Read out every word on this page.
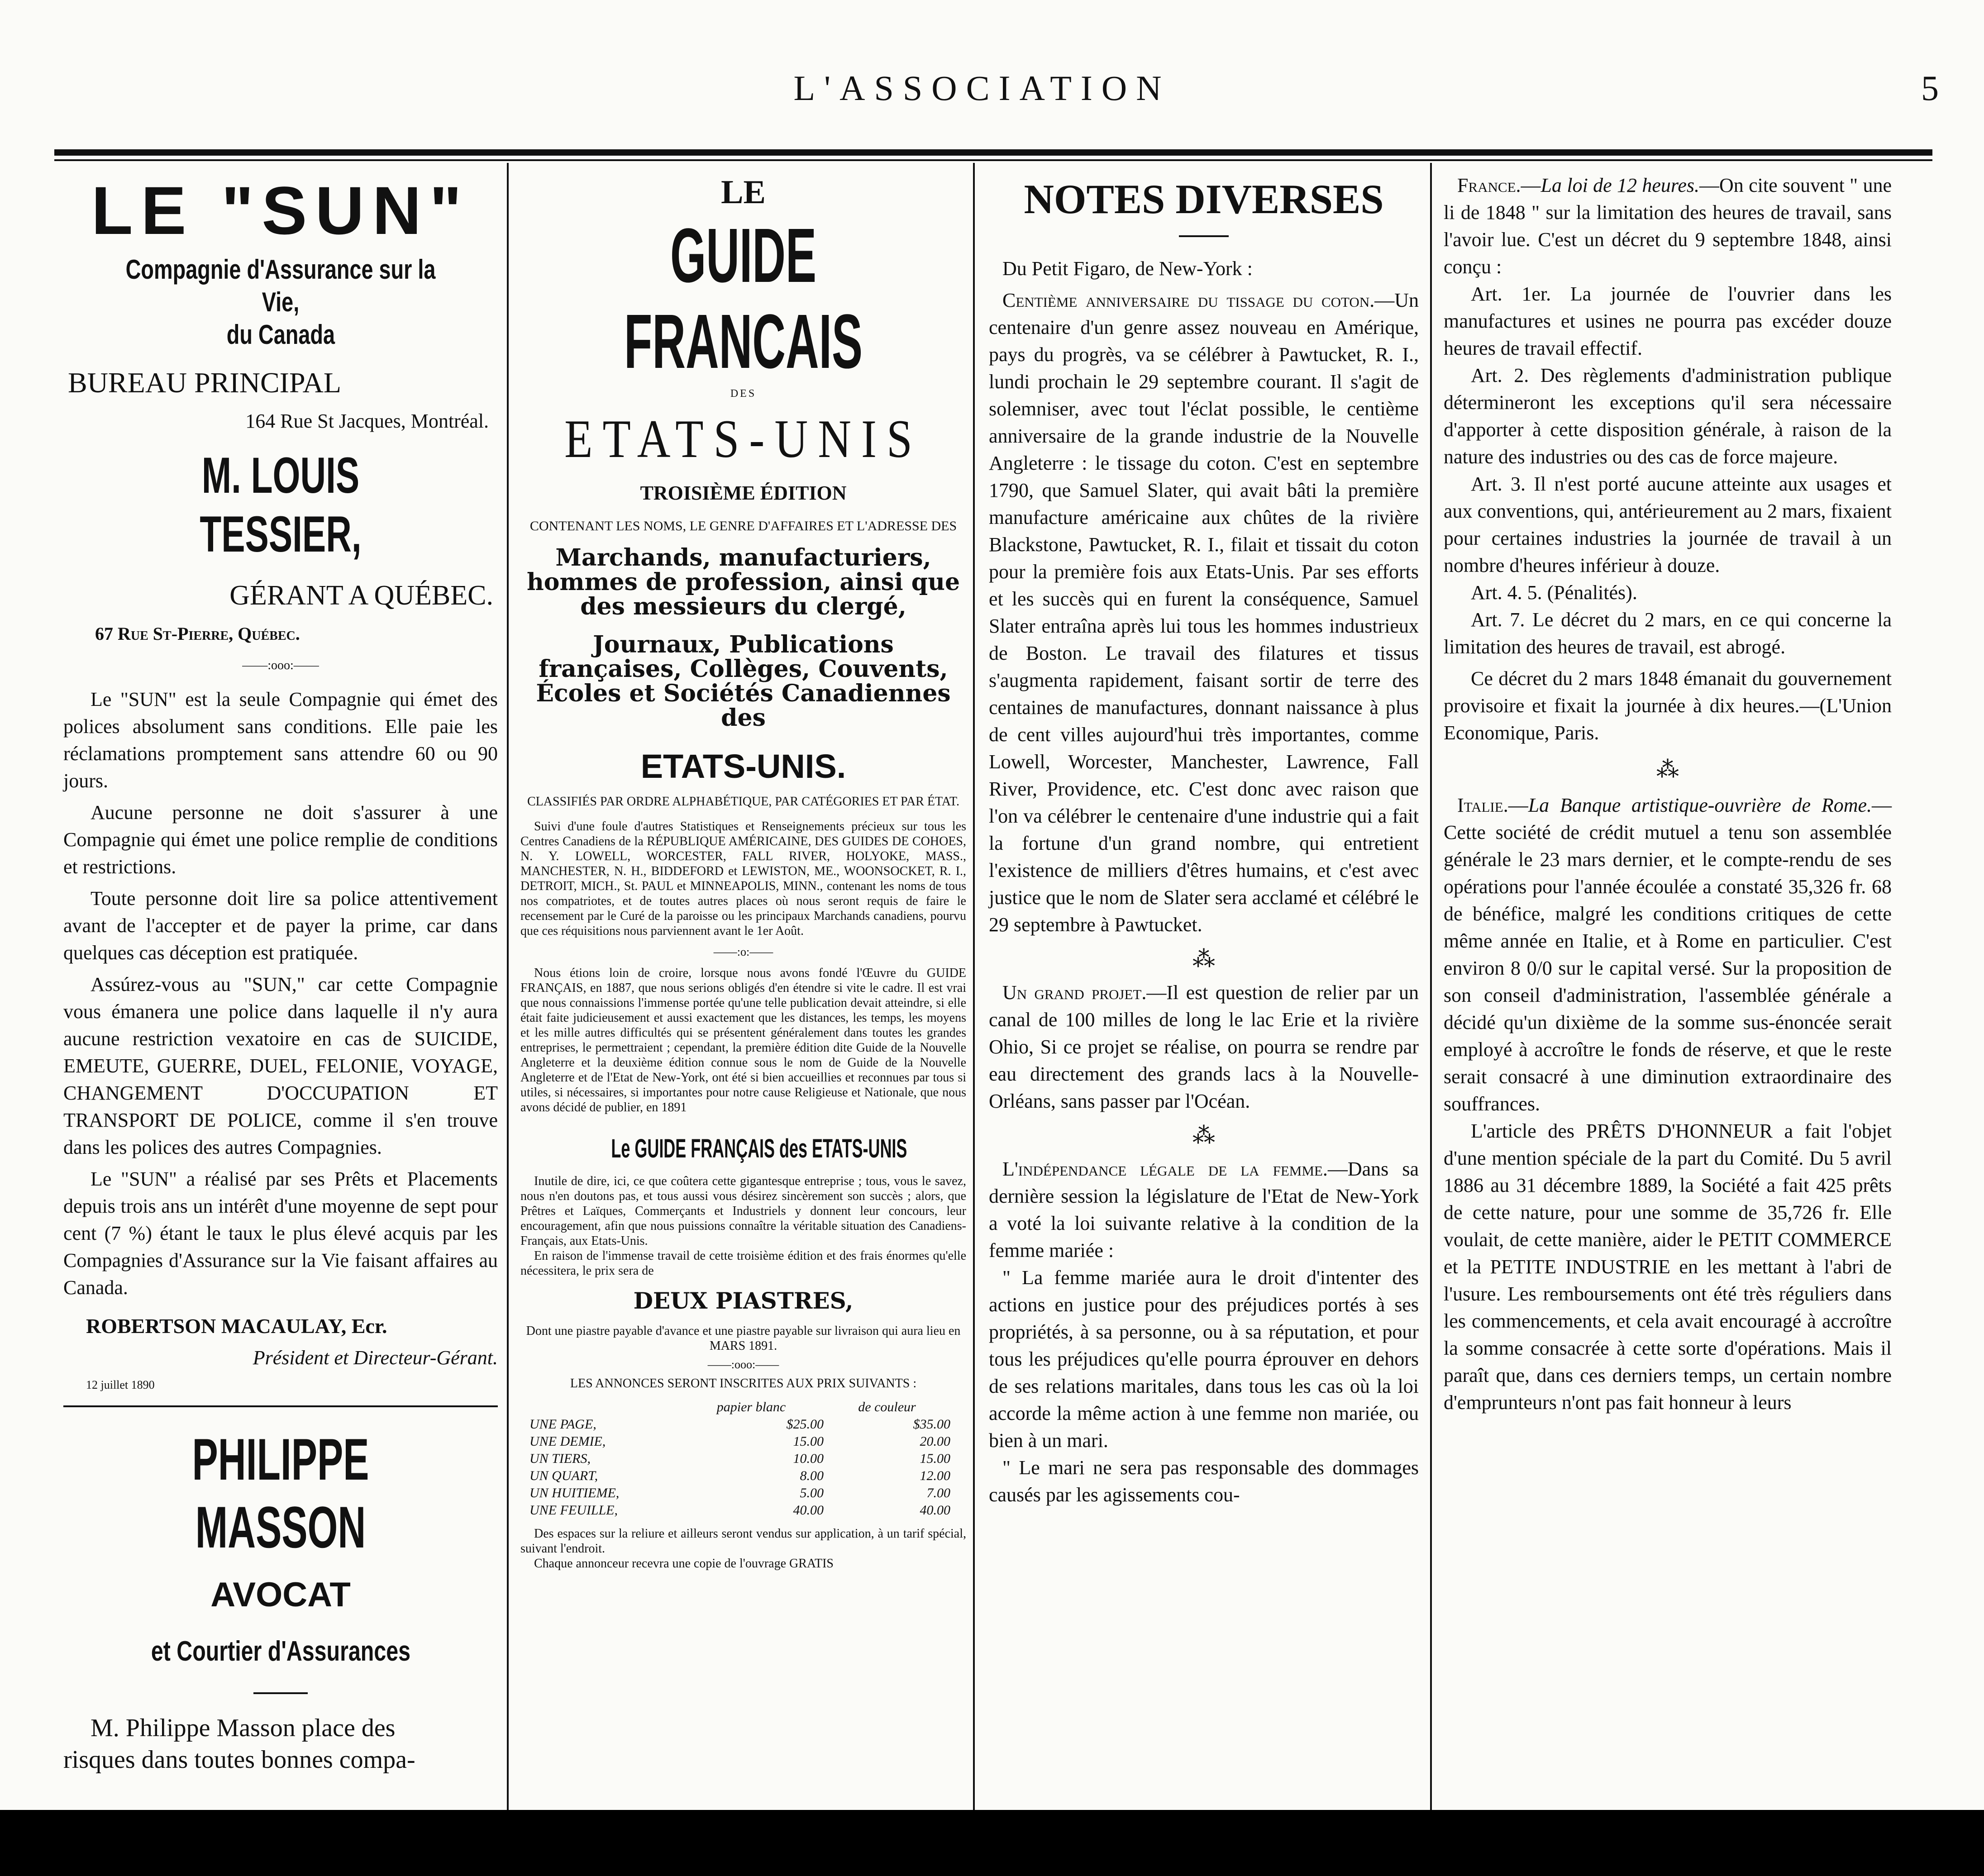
L'ASSOCIATION	5
LE "SUN"
Compagnie d'Assurance sur la Vie,
du Canada
BUREAU PRINCIPAL
164 Rue St Jacques, Montréal.
M. LOUIS TESSIER,
GÉRANT A QUÉBEC.
67 Rue St-Pierre, Québec.
——:ooo:——

Le "SUN" est la seule Compagnie qui émet des polices absolument sans conditions. Elle paie les réclamations promptement sans attendre 60 ou 90 jours.

Aucune personne ne doit s'assurer à une Compagnie qui émet une police remplie de conditions et restrictions.

Toute personne doit lire sa police attentivement avant de l'accepter et de payer la prime, car dans quelques cas déception est pratiquée.

Assúrez-vous au "SUN," car cette Compagnie vous émanera une police dans laquelle il n'y aura aucune restriction vexatoire en cas de SUICIDE, EMEUTE, GUERRE, DUEL, FELONIE, VOYAGE, CHANGEMENT D'OCCUPATION ET TRANSPORT DE POLICE, comme il s'en trouve dans les polices des autres Compagnies.

Le "SUN" a réalisé par ses Prêts et Placements depuis trois ans un intérêt d'une moyenne de sept pour cent (7 %) étant le taux le plus élevé acquis par les Compagnies d'Assurance sur la Vie faisant affaires au Canada.

ROBERTSON MACAULAY, Ecr.
Président et Directeur-Gérant.
12 juillet 1890
PHILIPPE MASSON
AVOCAT
et Courtier d'Assurances
M. Philippe Masson place des
risques dans toutes bonnes compa-
LE
GUIDE FRANCAIS
DES
ETATS-UNIS
TROISIÈME ÉDITION
CONTENANT LES NOMS, LE GENRE D'AFFAIRES ET L'ADRESSE DES
Marchands, manufacturiers, hommes de profession, ainsi que des messieurs du clergé,
Journaux, Publications françaises, Collèges, Couvents, Écoles et Sociétés Canadiennes des
ETATS-UNIS.
CLASSIFIÉS PAR ORDRE ALPHABÉTIQUE, PAR CATÉGORIES ET PAR ÉTAT.

Suivi d'une foule d'autres Statistiques et Renseignements précieux sur tous les Centres Canadiens de la RÉPUBLIQUE AMÉRICAINE, DES GUIDES DE COHOES, N. Y. LOWELL, WORCESTER, FALL RIVER, HOLYOKE, MASS., MANCHESTER, N. H., BIDDEFORD et LEWISTON, ME., WOONSOCKET, R. I., DETROIT, MICH., St. PAUL et MINNEAPOLIS, MINN., contenant les noms de tous nos compatriotes, et de toutes autres places où nous seront requis de faire le recensement par le Curé de la paroisse ou les principaux Marchands canadiens, pourvu que ces réquisitions nous parviennent avant le 1er Août.

——:o:——

Nous étions loin de croire, lorsque nous avons fondé l'Œuvre du GUIDE FRANÇAIS, en 1887, que nous serions obligés d'en étendre si vite le cadre. Il est vrai que nous connaissions l'immense portée qu'une telle publication devait atteindre, si elle était faite judicieusement et aussi exactement que les distances, les temps, les moyens et les mille autres difficultés qui se présentent généralement dans toutes les grandes entreprises, le permettraient ; cependant, la première édition dite Guide de la Nouvelle Angleterre et la deuxième édition connue sous le nom de Guide de la Nouvelle Angleterre et de l'Etat de New-York, ont été si bien accueillies et reconnues par tous si utiles, si nécessaires, si importantes pour notre cause Religieuse et Nationale, que nous avons décidé de publier, en 1891

Le GUIDE FRANÇAIS des ETATS-UNIS

Inutile de dire, ici, ce que coûtera cette gigantesque entreprise ; tous, vous le savez, nous n'en doutons pas, et tous aussi vous désirez sincèrement son succès ; alors, que Prêtres et Laïques, Commerçants et Industriels y donnent leur concours, leur encouragement, afin que nous puissions connaître la véritable situation des Canadiens-Français, aux Etats-Unis.

En raison de l'immense travail de cette troisième édition et des frais énormes qu'elle nécessitera, le prix sera de

DEUX PIASTRES,

Dont une piastre payable d'avance et une piastre payable sur livraison qui aura lieu en MARS 1891.

——:ooo:——
LES ANNONCES SERONT INSCRITES AUX PRIX SUIVANTS :
papier blanc	de couleur
UNE PAGE,	$25.00	$35.00
UNE DEMIE,	15.00	20.00
UN TIERS,	10.00	15.00
UN QUART,	8.00	12.00
UN HUITIEME,	5.00	7.00
UNE FEUILLE,	40.00	40.00

Des espaces sur la reliure et ailleurs seront vendus sur application, à un tarif spécial, suivant l'endroit.

Chaque annonceur recevra une copie de l'ouvrage GRATIS

NOTES DIVERSES
Du Petit Figaro, de New-York :

Centième anniversaire du tissage du coton.—Un centenaire d'un genre assez nouveau en Amérique, pays du progrès, va se célébrer à Pawtucket, R. I., lundi prochain le 29 septembre courant. Il s'agit de solemniser, avec tout l'éclat possible, le centième anniversaire de la grande industrie de la Nouvelle Angleterre : le tissage du coton. C'est en septembre 1790, que Samuel Slater, qui avait bâti la première manufacture américaine aux chûtes de la rivière Blackstone, Pawtucket, R. I., filait et tissait du coton pour la première fois aux Etats-Unis. Par ses efforts et les succès qui en furent la conséquence, Samuel Slater entraîna après lui tous les hommes industrieux de Boston. Le travail des filatures et tissus s'augmenta rapidement, faisant sortir de terre des centaines de manufactures, donnant naissance à plus de cent villes aujourd'hui très importantes, comme Lowell, Worcester, Manchester, Lawrence, Fall River, Providence, etc. C'est donc avec raison que l'on va célébrer le centenaire d'une industrie qui a fait la fortune d'un grand nombre, qui entretient l'existence de milliers d'êtres humains, et c'est avec justice que le nom de Slater sera acclamé et célébré le 29 septembre à Pawtucket.

⁂

Un grand projet.—Il est question de relier par un canal de 100 milles de long le lac Erie et la rivière Ohio, Si ce projet se réalise, on pourra se rendre par eau directement des grands lacs à la Nouvelle-Orléans, sans passer par l'Océan.

⁂

L'indépendance légale de la femme.—Dans sa dernière session la législature de l'Etat de New-York a voté la loi suivante relative à la condition de la femme mariée :

" La femme mariée aura le droit d'intenter des actions en justice pour des préjudices portés à ses propriétés, à sa personne, ou à sa réputation, et pour tous les préjudices qu'elle pourra éprouver en dehors de ses relations maritales, dans tous les cas où la loi accorde la même action à une femme non mariée, ou bien à un mari.

" Le mari ne sera pas responsable des dommages causés par les agissements cou-

France.—La loi de 12 heures.—On cite souvent " une li de 1848 " sur la limitation des heures de travail, sans l'avoir lue. C'est un décret du 9 septembre 1848, ainsi conçu :

Art. 1er. La journée de l'ouvrier dans les manufactures et usines ne pourra pas excéder douze heures de travail effectif.

Art. 2. Des règlements d'administration publique détermineront les exceptions qu'il sera nécessaire d'apporter à cette disposition générale, à raison de la nature des industries ou des cas de force majeure.

Art. 3. Il n'est porté aucune atteinte aux usages et aux conventions, qui, antérieurement au 2 mars, fixaient pour certaines industries la journée de travail à un nombre d'heures inférieur à douze.

Art. 4. 5. (Pénalités).

Art. 7. Le décret du 2 mars, en ce qui concerne la limitation des heures de travail, est abrogé.

Ce décret du 2 mars 1848 émanait du gouvernement provisoire et fixait la journée à dix heures.—(L'Union Economique, Paris.

⁂

Italie.—La Banque artistique-ouvrière de Rome.—Cette société de crédit mutuel a tenu son assemblée générale le 23 mars dernier, et le compte-rendu de ses opérations pour l'année écoulée a constaté 35,326 fr. 68 de bénéfice, malgré les conditions critiques de cette même année en Italie, et à Rome en particulier. C'est environ 8 0/0 sur le capital versé. Sur la proposition de son conseil d'administration, l'assemblée générale a décidé qu'un dixième de la somme sus-énoncée serait employé à accroître le fonds de réserve, et que le reste serait consacré à une diminution extraordinaire des souffrances.

L'article des PRÊTS D'HONNEUR a fait l'objet d'une mention spéciale de la part du Comité. Du 5 avril 1886 au 31 décembre 1889, la Société a fait 425 prêts de cette nature, pour une somme de 35,726 fr. Elle voulait, de cette manière, aider le PETIT COMMERCE et la PETITE INDUSTRIE en les mettant à l'abri de l'usure. Les remboursements ont été très réguliers dans les commencements, et cela avait encouragé à accroître la somme consacrée à cette sorte d'opérations. Mais il paraît que, dans ces derniers temps, un certain nombre d'emprunteurs n'ont pas fait honneur à leurs
